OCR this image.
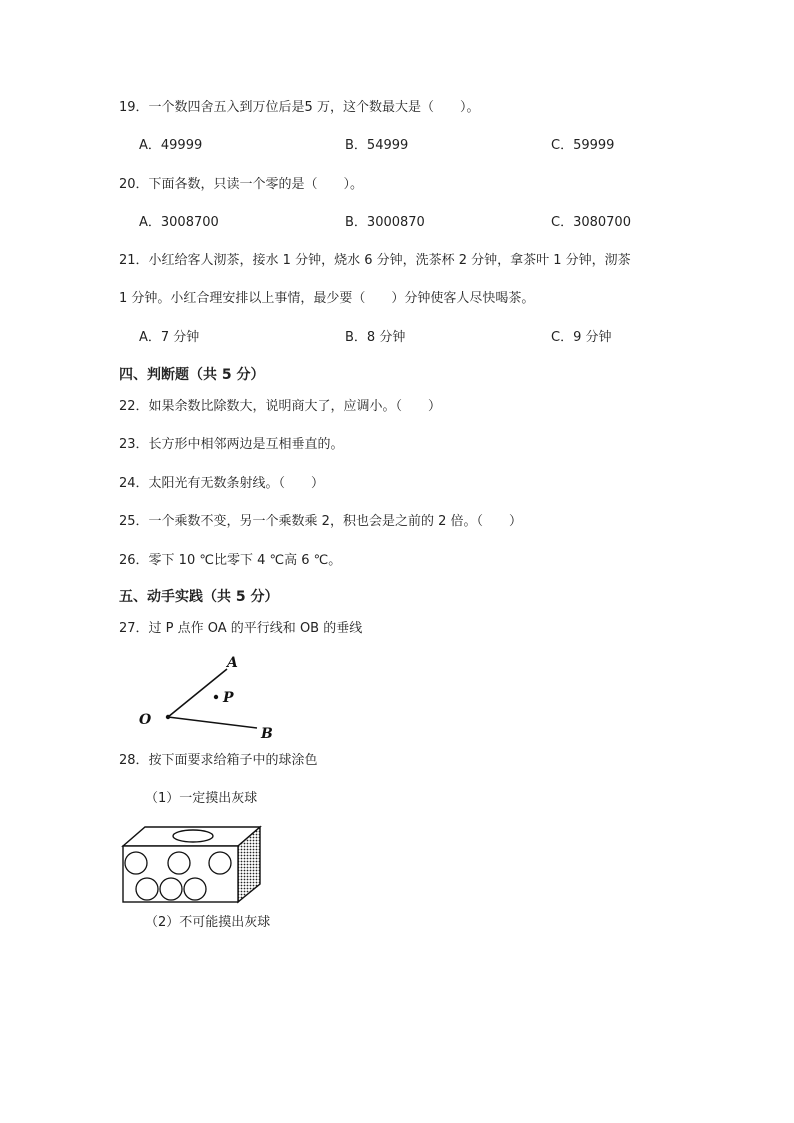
19．一个数四舍五入到万位后是5 万，这个数最大是（　　）。
A．49999	B．54999	C．59999
20．下面各数，只读一个零的是（　　）。
A．3008700	B．3000870	C．3080700
21．小红给客人沏茶，接水 1 分钟，烧水 6 分钟，洗茶杯 2 分钟，拿茶叶 1 分钟，沏茶
1 分钟。小红合理安排以上事情，最少要（　　）分钟使客人尽快喝茶。
A．7 分钟	B．8 分钟	C．9 分钟
四、判断题（共 5 分）
22．如果余数比除数大，说明商大了，应调小。（　　）
23．长方形中相邻两边是互相垂直的。
24．太阳光有无数条射线。（　　）
25．一个乘数不变，另一个乘数乘 2，积也会是之前的 2 倍。（　　）
26．零下 10 ℃比零下 4 ℃高 6 ℃。
五、动手实践（共 5 分）
27．过 P 点作 OA 的平行线和 OB 的垂线
A
P
O
B
28．按下面要求给箱子中的球涂色
（1）一定摸出灰球
（2）不可能摸出灰球
